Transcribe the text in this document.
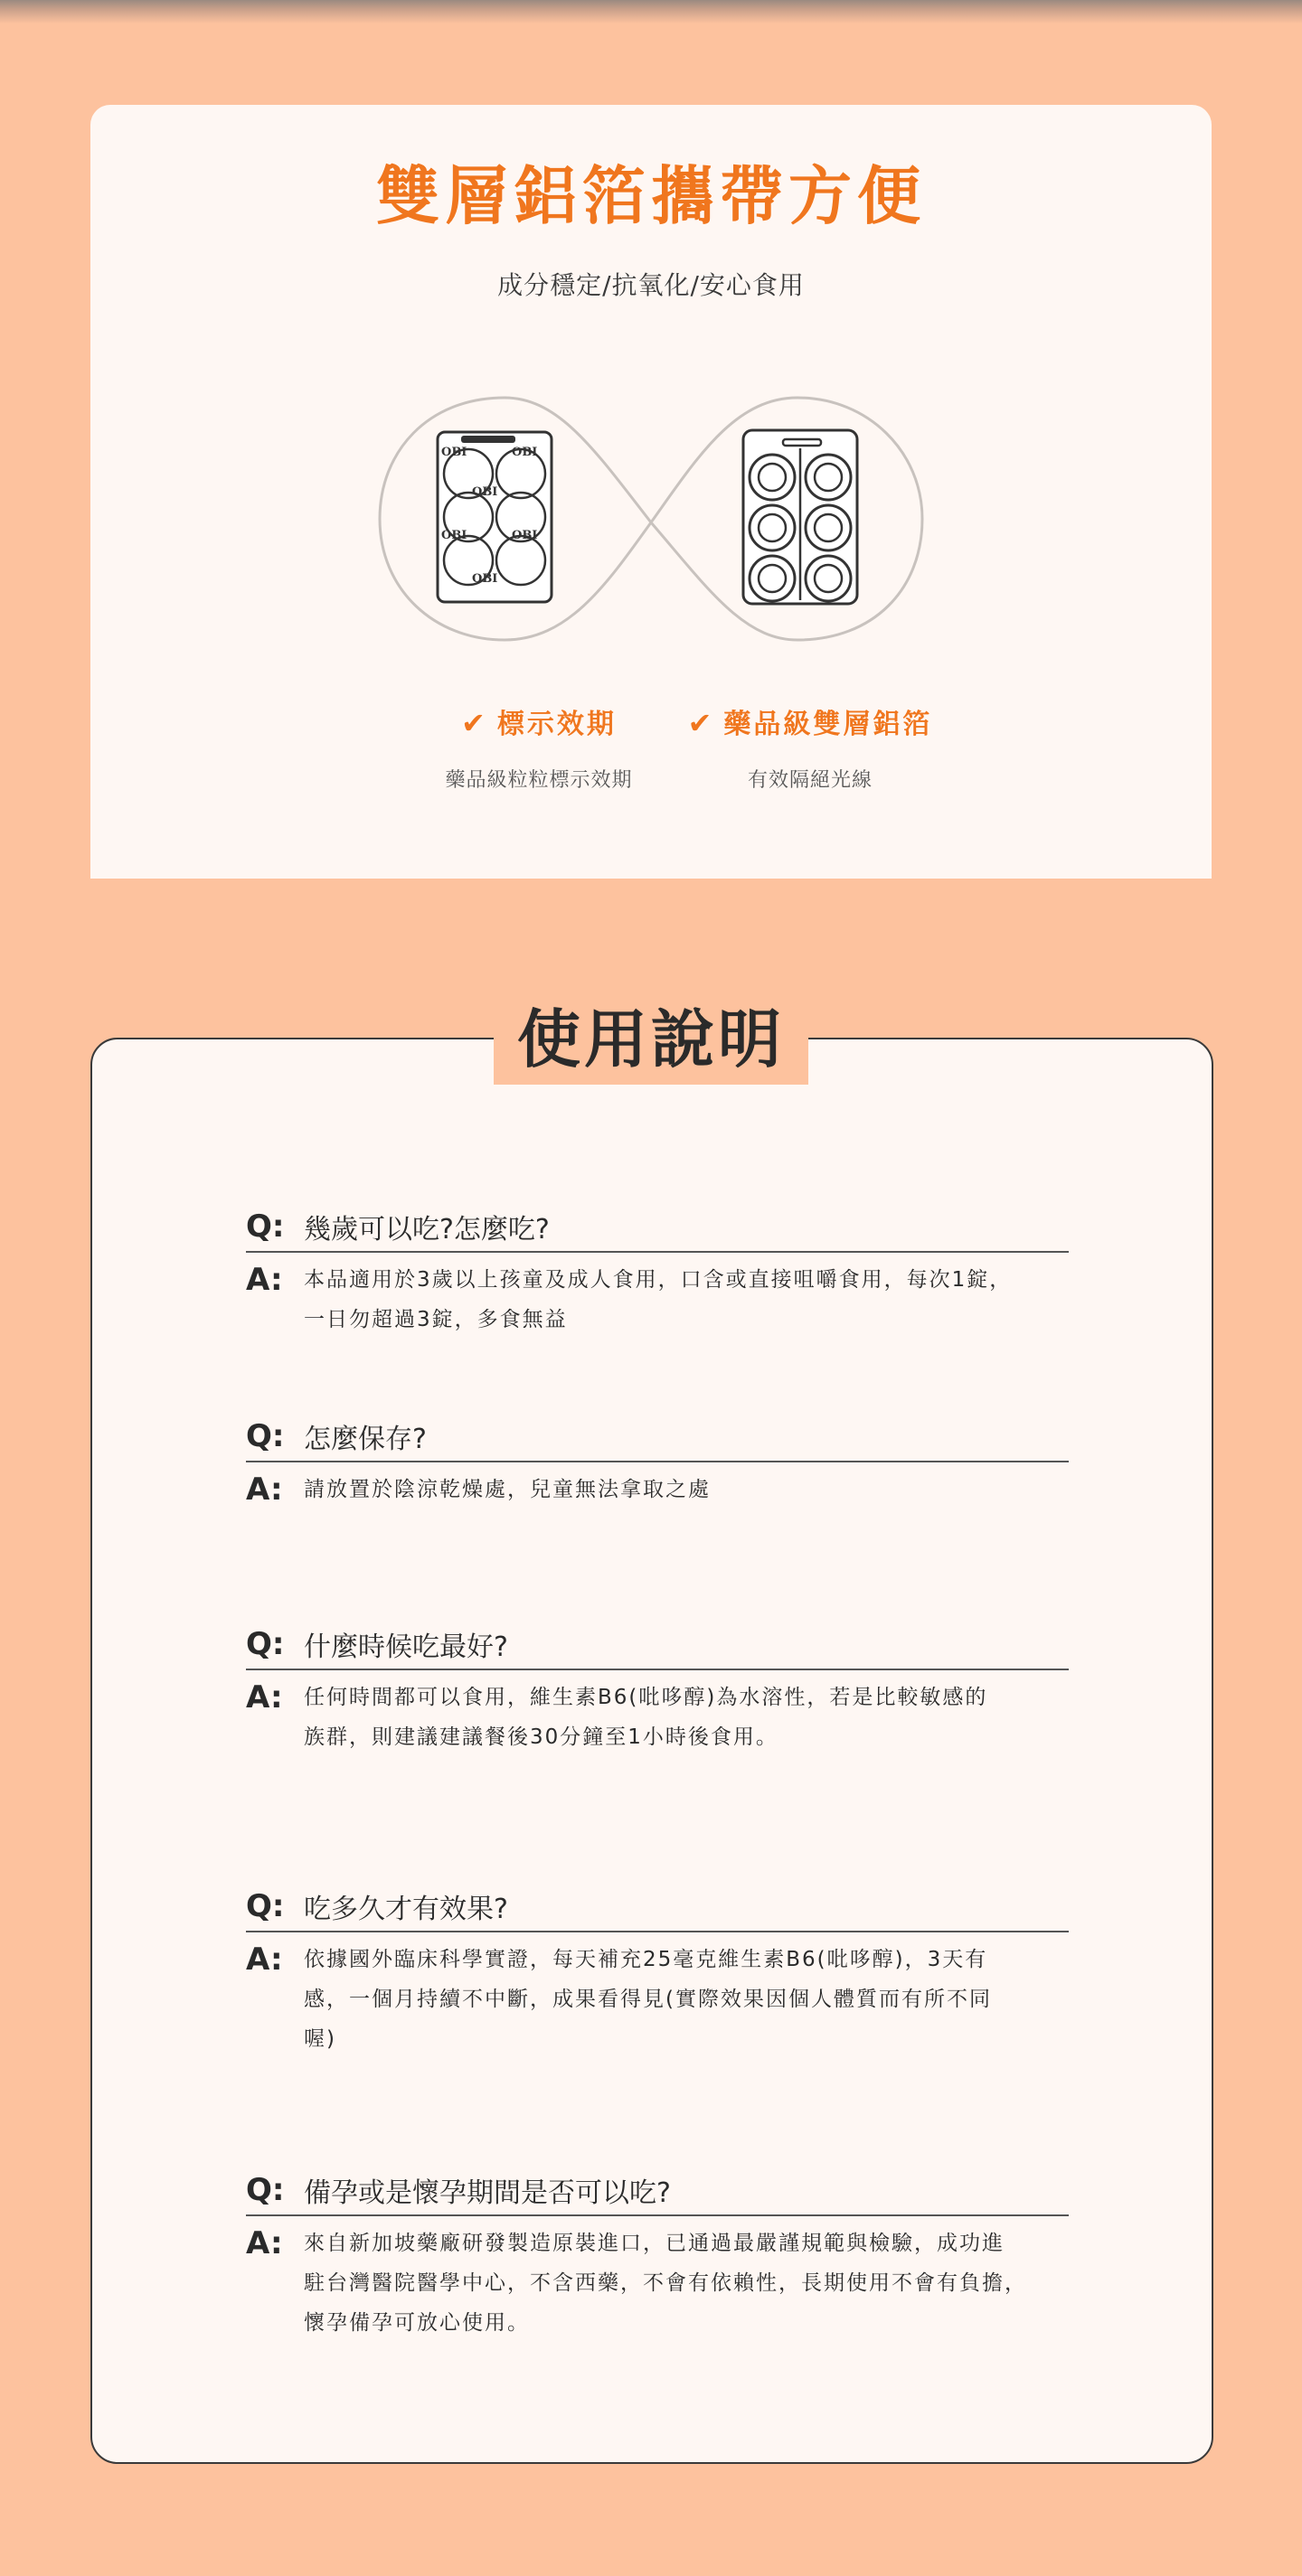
雙層鋁箔攜帶方便
成分穩定/抗氧化/安心食用
OBI	OBI
OBI
OBI	OBI
OBI
✔ 標示效期
藥品級粒粒標示效期
✔ 藥品級雙層鋁箔
有效隔絕光線
使用說明
Q: 幾歲可以吃?怎麼吃?
A:	本品適用於3歲以上孩童及成人食用，口含或直接咀嚼食用，每次1錠，
一日勿超過3錠，多食無益
Q: 怎麼保存?
A:	請放置於陰涼乾燥處，兒童無法拿取之處
Q: 什麼時候吃最好?
A:	任何時間都可以食用，維生素B6(吡哆醇)為水溶性，若是比較敏感的
族群，則建議建議餐後30分鐘至1小時後食用。
Q: 吃多久才有效果?
A:	依據國外臨床科學實證，每天補充25毫克維生素B6(吡哆醇)，3天有
感，一個月持續不中斷，成果看得見(實際效果因個人體質而有所不同
喔)
Q: 備孕或是懷孕期間是否可以吃?
A:	來自新加坡藥廠研發製造原裝進口，已通過最嚴謹規範與檢驗，成功進
駐台灣醫院醫學中心，不含西藥，不會有依賴性，長期使用不會有負擔，
懷孕備孕可放心使用。
